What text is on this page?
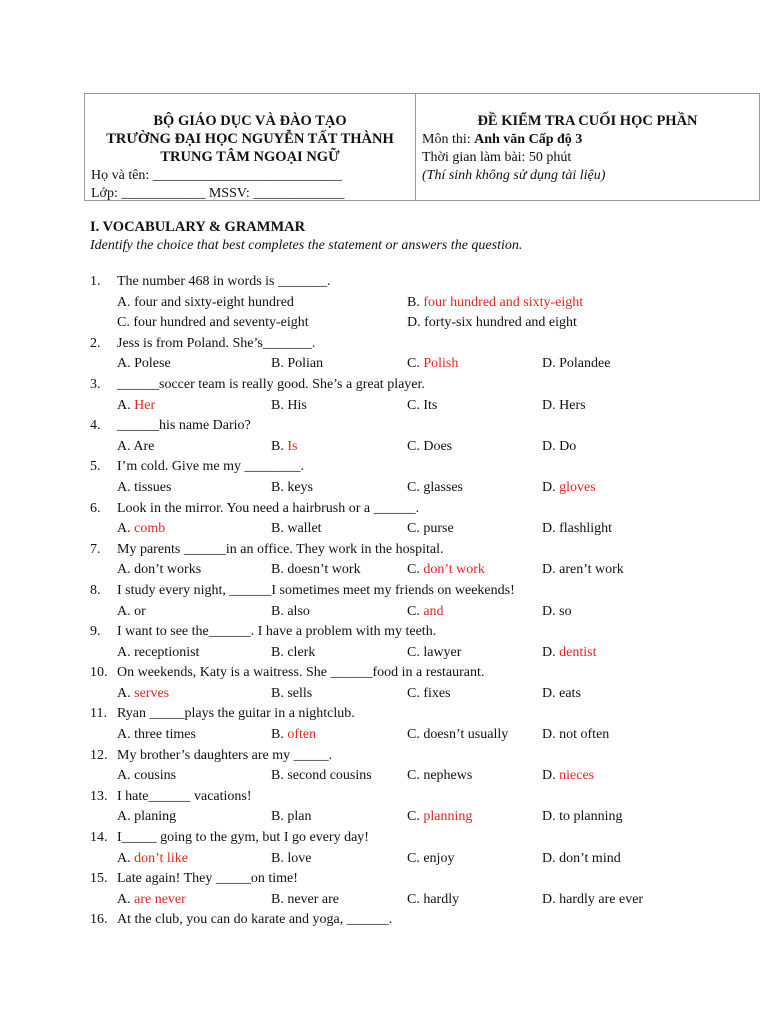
BỘ GIÁO DỤC VÀ ĐÀO TẠO
TRƯỜNG ĐẠI HỌC NGUYỄN TẤT THÀNH
TRUNG TÂM NGOẠI NGỮ
Họ và tên: ___________________________
Lớp: ____________ MSSV: _____________
ĐỀ KIỂM TRA CUỐI HỌC PHẦN
Môn thi: Anh văn Cấp độ 3
Thời gian làm bài: 50 phút
(Thí sinh không sử dụng tài liệu)
I. VOCABULARY & GRAMMAR
Identify the choice that best completes the statement or answers the question.
1. The number 468 in words is _______.
A. four and sixty-eight hundred	B. four hundred and sixty-eight
C. four hundred and seventy-eight	D. forty-six hundred and eight
2. Jess is from Poland. She’s_______.
A. Polese	B. Polian	C. Polish	D. Polandee
3. ______soccer team is really good. She’s a great player.
A. Her	B. His	C. Its	D. Hers
4. ______his name Dario?
A. Are	B. Is	C. Does	D. Do
5. I’m cold. Give me my ________.
A. tissues	B. keys	C. glasses	D. gloves
6. Look in the mirror. You need a hairbrush or a ______.
A. comb	B. wallet	C. purse	D. flashlight
7. My parents ______in an office. They work in the hospital.
A. don’t works	B. doesn’t work	C. don’t work	D. aren’t work
8. I study every night, ______I sometimes meet my friends on weekends!
A. or	B. also	C. and	D. so
9. I want to see the______. I have a problem with my teeth.
A. receptionist	B. clerk	C. lawyer	D. dentist
10. On weekends, Katy is a waitress. She ______food in a restaurant.
A. serves	B. sells	C. fixes	D. eats
11. Ryan _____plays the guitar in a nightclub.
A. three times	B. often	C. doesn’t usually D. not often
12. My brother’s daughters are my _____.
A. cousins	B. second cousins	C. nephews	D. nieces
13. I hate______ vacations!
A. planing	B. plan	C. planning	D. to planning
14. I_____ going to the gym, but I go every day!
A. don’t like	B. love	C. enjoy	D. don’t mind
15. Late again! They _____on time!
A. are never	B. never are	C. hardly	D. hardly are ever
16. At the club, you can do karate and yoga, ______.
